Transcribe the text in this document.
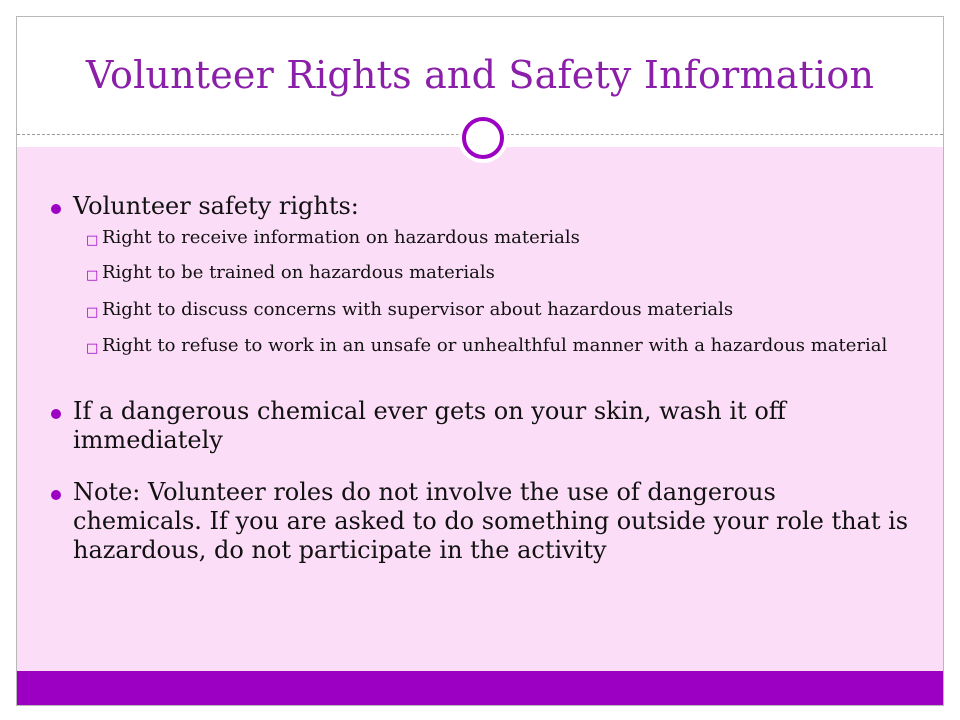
Volunteer Rights and Safety Information
Volunteer safety rights:
□ Right to receive information on hazardous materials
□ Right to be trained on hazardous materials
□ Right to discuss concerns with supervisor about hazardous materials
□ Right to refuse to work in an unsafe or unhealthful manner with a hazardous material
If a dangerous chemical ever gets on your skin, wash it off immediately
Note: Volunteer roles do not involve the use of dangerous chemicals. If you are asked to do something outside your role that is hazardous, do not participate in the activity
